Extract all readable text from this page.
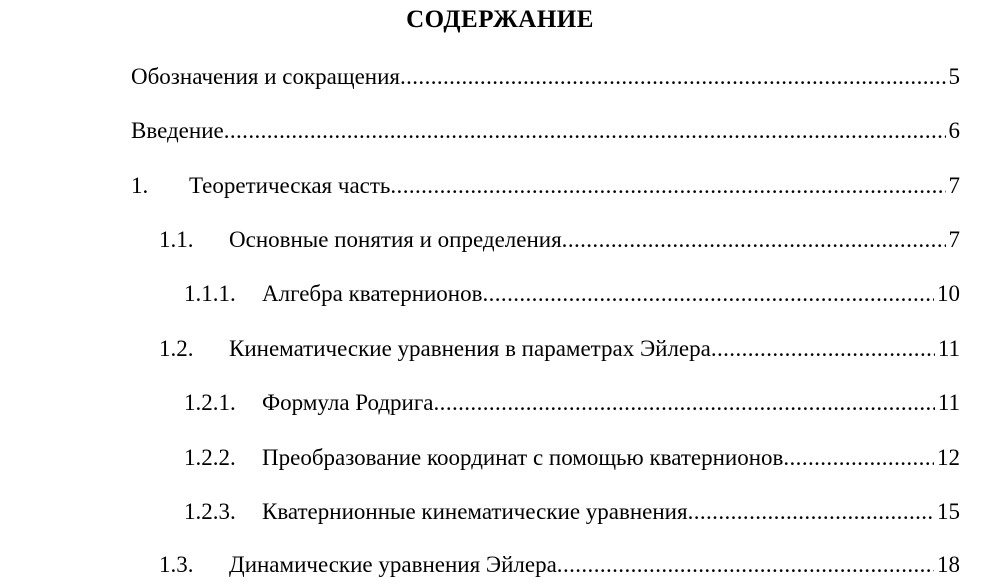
СОДЕРЖАНИЕ
Обозначения и сокращения .....	5
Введение .....	6
1.	Теоретическая часть .....	7
1.1.	Основные понятия и определения .....	7
1.1.1.	Алгебра кватернионов .....	10
1.2.	Кинематические уравнения в параметрах Эйлера .....	11
1.2.1.	Формула Родрига .....	11
1.2.2.	Преобразование координат с помощью кватернионов .....	12
1.2.3.	Кватернионные кинематические уравнения .....	15
1.3.	Динамические уравнения Эйлера .....	18
